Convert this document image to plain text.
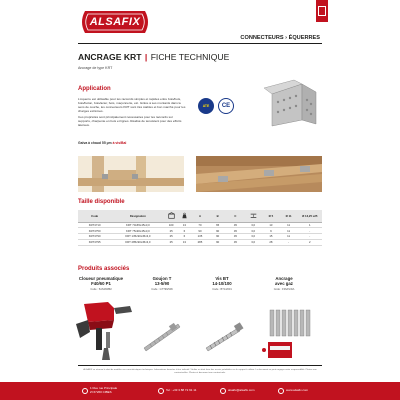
ALSAFIX
CONNECTEURS › ÉQUERRES
ANCRAGE KRT | FICHE TECHNIQUE
Ancrage de type KRT
Application

L'équerre est utilisable pour les raccords simples et rapides entre bois/bois, bois/béton, bois/acier, bois, maçonnerie, etc. Grâce à ses montants dans le sens de courbe, les connecteurs KRT sont très stables et bon marché pour les charges extrêmes.

Ces propriétés sont principalement nécessaires pour les raccords sur supports, charpente en bois et lignes. Réalisé de tenuistent pour des efforts latéraux.

Galva à chaud 55 µm à vis/Bal
ATE	CE
Taille disponible
Code	Désignation			A	B	C		Ø 5	Ø 11	Ø 13,25 ≤25
KRT4710	KRT 70x65x45x3,0	100	13	70	65	45	3,0	13	11	1
KRT4750	KRT 75x90x45x3,0	25	6	90	90	45	3,0	9	11	-
KRT4790	KRT 135x90x45x3,0	25	6	135	90	45	3,0	15	11	-
KRT4795	KRT 285x90x45x3,0	25	13	285	90	45	3,0	28	-	2
Produits associés
Cloueur pneumatique
F40/60 P1
Code : 5AS2848M
Goujon T
13-5/90
Code : GTT96/906
Vis BT
14-10/100
Code : BT14/001
Ancrage
avec gaz
Code : F36AS/DA
ALSAFIX se réserve le droit de modifier ses caractéristiques techniques. Informations données à titre indicatif. Vérifier en droit faire des essais préalables sur le support à utiliser. Le document ne peut engager notre responsabilité. Photos non contractuelles. Photos et document non contractuels.
1 Rue rue Principale
ZI 67260 CIBES	Tel : +33 3 88 72 91 11	alsafix@alsafix.com	www.alsafix.com
